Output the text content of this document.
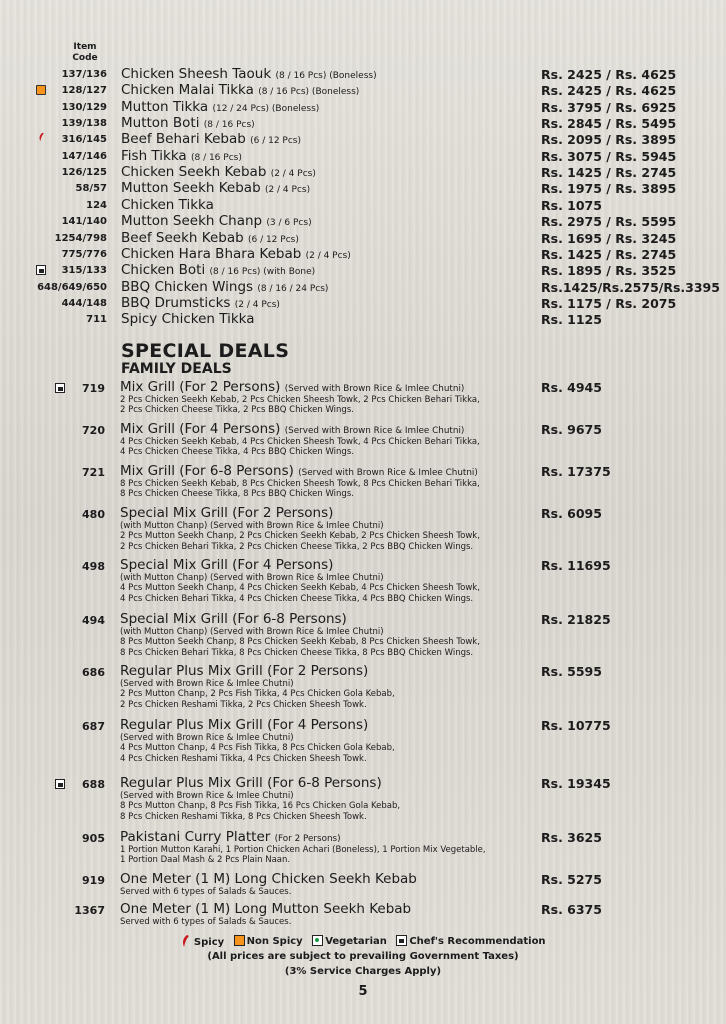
Item Code
137/136 Chicken Sheesh Taouk (8 / 16 Pcs) (Boneless)	Rs. 2425 / Rs. 4625
128/127 Chicken Malai Tikka (8 / 16 Pcs) (Boneless)	Rs. 2425 / Rs. 4625
130/129 Mutton Tikka (12 / 24 Pcs) (Boneless)	Rs. 3795 / Rs. 6925
139/138 Mutton Boti (8 / 16 Pcs)	Rs. 2845 / Rs. 5495
316/145 Beef Behari Kebab (6 / 12 Pcs)	Rs. 2095 / Rs. 3895
147/146 Fish Tikka (8 / 16 Pcs)	Rs. 3075 / Rs. 5945
126/125 Chicken Seekh Kebab (2 / 4 Pcs)	Rs. 1425 / Rs. 2745
58/57 Mutton Seekh Kebab (2 / 4 Pcs)	Rs. 1975 / Rs. 3895
124 Chicken Tikka	Rs. 1075
141/140 Mutton Seekh Chanp (3 / 6 Pcs)	Rs. 2975 / Rs. 5595
1254/798 Beef Seekh Kebab (6 / 12 Pcs)	Rs. 1695 / Rs. 3245
775/776 Chicken Hara Bhara Kebab (2 / 4 Pcs)	Rs. 1425 / Rs. 2745
315/133 Chicken Boti (8 / 16 Pcs) (with Bone)	Rs. 1895 / Rs. 3525
648/649/650 BBQ Chicken Wings (8 / 16 / 24 Pcs)	Rs.1425/Rs.2575/Rs.3395
444/148 BBQ Drumsticks (2 / 4 Pcs)	Rs. 1175 / Rs. 2075
711 Spicy Chicken Tikka	Rs. 1125
SPECIAL DEALS
FAMILY DEALS
719 Mix Grill (For 2 Persons) (Served with Brown Rice & Imlee Chutni)
2 Pcs Chicken Seekh Kebab, 2 Pcs Chicken Sheesh Towk, 2 Pcs Chicken Behari Tikka,
2 Pcs Chicken Cheese Tikka, 2 Pcs BBQ Chicken Wings.
Rs. 4945
720 Mix Grill (For 4 Persons) (Served with Brown Rice & Imlee Chutni)
4 Pcs Chicken Seekh Kebab, 4 Pcs Chicken Sheesh Towk, 4 Pcs Chicken Behari Tikka,
4 Pcs Chicken Cheese Tikka, 4 Pcs BBQ Chicken Wings.
Rs. 9675
721 Mix Grill (For 6-8 Persons) (Served with Brown Rice & Imlee Chutni)
8 Pcs Chicken Seekh Kebab, 8 Pcs Chicken Sheesh Towk, 8 Pcs Chicken Behari Tikka,
8 Pcs Chicken Cheese Tikka, 8 Pcs BBQ Chicken Wings.
Rs. 17375
480 Special Mix Grill (For 2 Persons)
(with Mutton Chanp) (Served with Brown Rice & Imlee Chutni)
2 Pcs Mutton Seekh Chanp, 2 Pcs Chicken Seekh Kebab, 2 Pcs Chicken Sheesh Towk,
2 Pcs Chicken Behari Tikka, 2 Pcs Chicken Cheese Tikka, 2 Pcs BBQ Chicken Wings.
Rs. 6095
498 Special Mix Grill (For 4 Persons)
(with Mutton Chanp) (Served with Brown Rice & Imlee Chutni)
4 Pcs Mutton Seekh Chanp, 4 Pcs Chicken Seekh Kebab, 4 Pcs Chicken Sheesh Towk,
4 Pcs Chicken Behari Tikka, 4 Pcs Chicken Cheese Tikka, 4 Pcs BBQ Chicken Wings.
Rs. 11695
494 Special Mix Grill (For 6-8 Persons)
(with Mutton Chanp) (Served with Brown Rice & Imlee Chutni)
8 Pcs Mutton Seekh Chanp, 8 Pcs Chicken Seekh Kebab, 8 Pcs Chicken Sheesh Towk,
8 Pcs Chicken Behari Tikka, 8 Pcs Chicken Cheese Tikka, 8 Pcs BBQ Chicken Wings.
Rs. 21825
686 Regular Plus Mix Grill (For 2 Persons)
(Served with Brown Rice & Imlee Chutni)
2 Pcs Mutton Chanp, 2 Pcs Fish Tikka, 4 Pcs Chicken Gola Kebab,
2 Pcs Chicken Reshami Tikka, 2 Pcs Chicken Sheesh Towk.
Rs. 5595
687 Regular Plus Mix Grill (For 4 Persons)
(Served with Brown Rice & Imlee Chutni)
4 Pcs Mutton Chanp, 4 Pcs Fish Tikka, 8 Pcs Chicken Gola Kebab,
4 Pcs Chicken Reshami Tikka, 4 Pcs Chicken Sheesh Towk.
Rs. 10775
688 Regular Plus Mix Grill (For 6-8 Persons)
(Served with Brown Rice & Imlee Chutni)
8 Pcs Mutton Chanp, 8 Pcs Fish Tikka, 16 Pcs Chicken Gola Kebab,
8 Pcs Chicken Reshami Tikka, 8 Pcs Chicken Sheesh Towk.
Rs. 19345
905 Pakistani Curry Platter (For 2 Persons)
1 Portion Mutton Karahi, 1 Portion Chicken Achari (Boneless), 1 Portion Mix Vegetable,
1 Portion Daal Mash & 2 Pcs Plain Naan.
Rs. 3625
919 One Meter (1 M) Long Chicken Seekh Kebab
Served with 6 types of Salads & Sauces.
Rs. 5275
1367 One Meter (1 M) Long Mutton Seekh Kebab
Served with 6 types of Salads & Sauces.
Rs. 6375
Spicy Non Spicy Vegetarian Chef's Recommendation
(All prices are subject to prevailing Government Taxes)
(3% Service Charges Apply)
5
